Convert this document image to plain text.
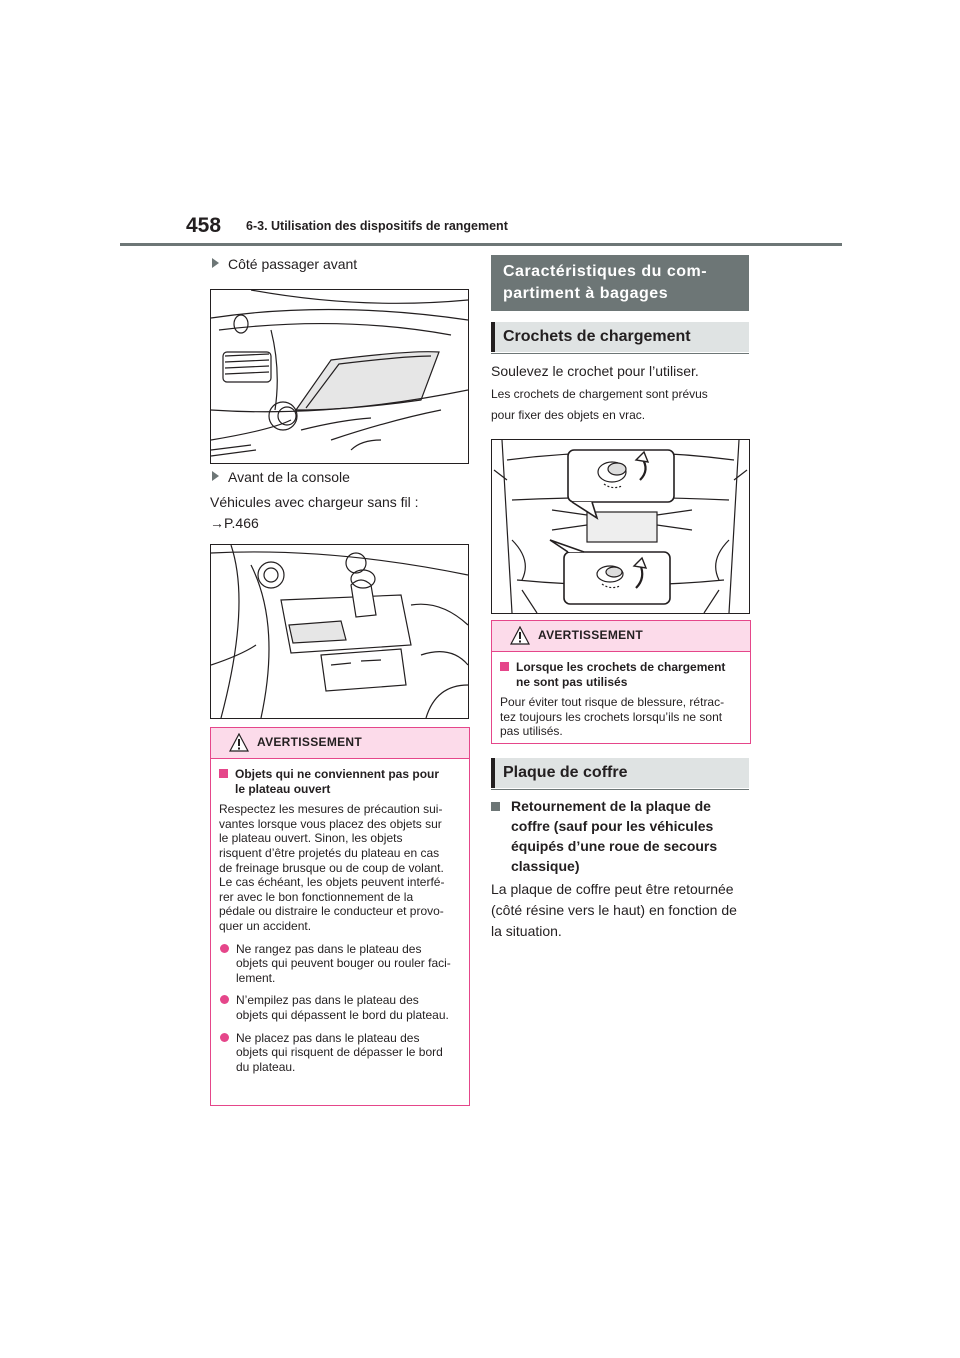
458 6-3. Utilisation des dispositifs de rangement
Côté passager avant
Avant de la console
Véhicules avec chargeur sans fil :
→P.466
AVERTISSEMENT
Objets qui ne conviennent pas pour
le plateau ouvert
Respectez les mesures de précaution sui-
vantes lorsque vous placez des objets sur
le plateau ouvert. Sinon, les objets
risquent d’être projetés du plateau en cas
de freinage brusque ou de coup de volant.
Le cas échéant, les objets peuvent interfé-
rer avec le bon fonctionnement de la
pédale ou distraire le conducteur et provo-
quer un accident.
Ne rangez pas dans le plateau des
objets qui peuvent bouger ou rouler faci-
lement.
N’empilez pas dans le plateau des
objets qui dépassent le bord du plateau.
Ne placez pas dans le plateau des
objets qui risquent de dépasser le bord
du plateau.
Caractéristiques du com-
partiment à bagages
Crochets de chargement
Soulevez le crochet pour l’utiliser.
Les crochets de chargement sont prévus
pour fixer des objets en vrac.
AVERTISSEMENT
Lorsque les crochets de chargement
ne sont pas utilisés
Pour éviter tout risque de blessure, rétrac-
tez toujours les crochets lorsqu’ils ne sont
pas utilisés.
Plaque de coffre
Retournement de la plaque de
coffre (sauf pour les véhicules
équipés d’une roue de secours
classique)
La plaque de coffre peut être retournée
(côté résine vers le haut) en fonction de
la situation.
